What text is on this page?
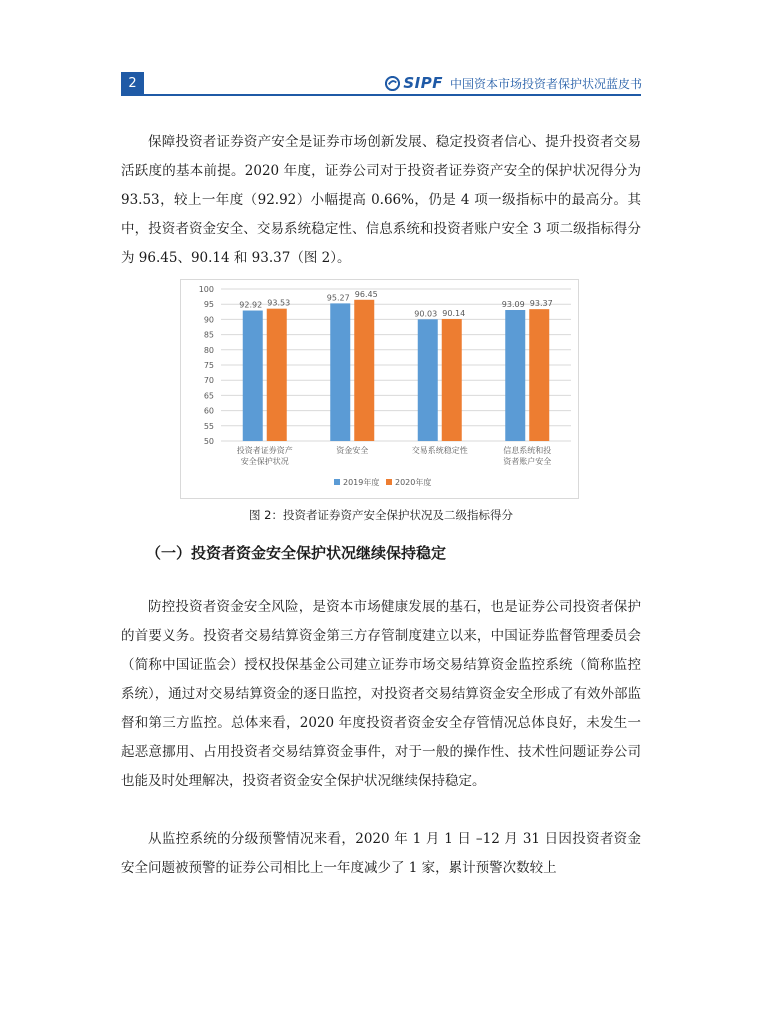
2	SIPF 中国资本市场投资者保护状况蓝皮书

保障投资者证券资产安全是证券市场创新发展、稳定投资者信心、提升投资者交易活跃度的基本前提。2020 年度，证券公司对于投资者证券资产安全的保护状况得分为 93.53，较上一年度（92.92）小幅提高 0.66%，仍是 4 项一级指标中的最高分。其中，投资者资金安全、交易系统稳定性、信息系统和投资者账户安全 3 项二级指标得分为 96.45、90.14 和 93.37（图 2）。

100
95
90
85
80
75
70
65
60
55
50
92.92 93.53
投资者证券资产
安全保护状况
95.27 96.45
资金安全
90.03 90.14
交易系统稳定性
93.09 93.37
信息系统和投
资者账户安全
2019年度 2020年度
图 2：投资者证券资产安全保护状况及二级指标得分
（一）投资者资金安全保护状况继续保持稳定

防控投资者资金安全风险，是资本市场健康发展的基石，也是证券公司投资者保护的首要义务。投资者交易结算资金第三方存管制度建立以来，中国证券监督管理委员会（简称中国证监会）授权投保基金公司建立证券市场交易结算资金监控系统（简称监控系统），通过对交易结算资金的逐日监控，对投资者交易结算资金安全形成了有效外部监督和第三方监控。总体来看，2020 年度投资者资金安全存管情况总体良好，未发生一起恶意挪用、占用投资者交易结算资金事件，对于一般的操作性、技术性问题证券公司也能及时处理解决，投资者资金安全保护状况继续保持稳定。

从监控系统的分级预警情况来看，2020 年 1 月 1 日 –12 月 31 日因投资者资金安全问题被预警的证券公司相比上一年度减少了 1 家，累计预警次数较上
